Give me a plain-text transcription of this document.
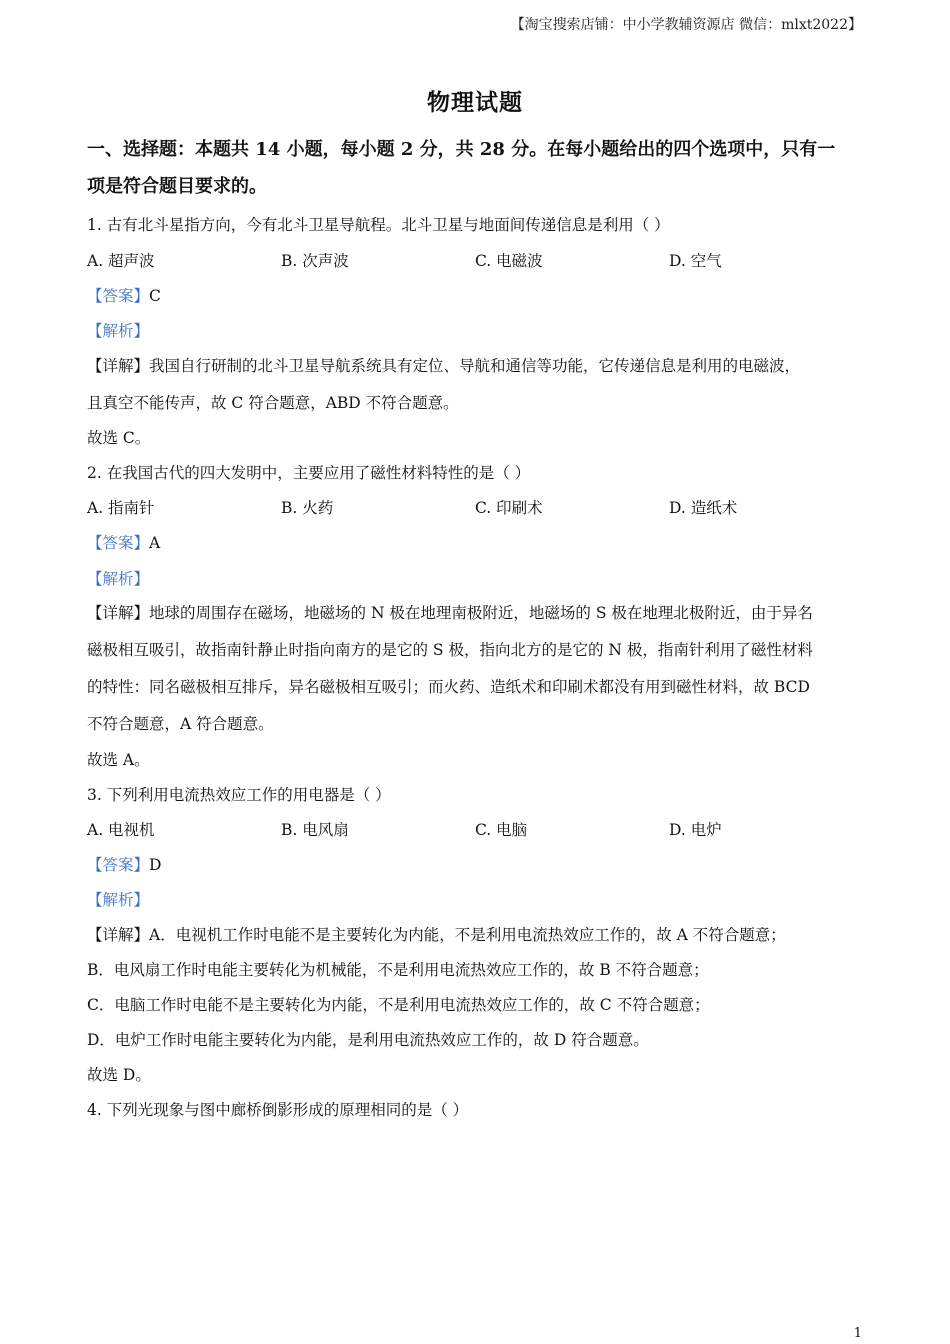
【淘宝搜索店铺：中小学教辅资源店 微信：mlxt2022】
物理试题
一、选择题：本题共 14 小题，每小题 2 分，共 28 分。在每小题给出的四个选项中，只有一
项是符合题目要求的。
1. 古有北斗星指方向，今有北斗卫星导航程。北斗卫星与地面间传递信息是利用（ ）
A. 超声波	B. 次声波	C. 电磁波	D. 空气
【答案】C
【解析】
【详解】我国自行研制的北斗卫星导航系统具有定位、导航和通信等功能，它传递信息是利用的电磁波，
且真空不能传声，故 C 符合题意，ABD 不符合题意。
故选 C。
2. 在我国古代的四大发明中，主要应用了磁性材料特性的是（ ）
A. 指南针	B. 火药	C. 印刷术	D. 造纸术
【答案】A
【解析】
【详解】地球的周围存在磁场，地磁场的 N 极在地理南极附近，地磁场的 S 极在地理北极附近，由于异名
磁极相互吸引，故指南针静止时指向南方的是它的 S 极，指向北方的是它的 N 极，指南针利用了磁性材料
的特性：同名磁极相互排斥，异名磁极相互吸引；而火药、造纸术和印刷术都没有用到磁性材料，故 BCD
不符合题意，A 符合题意。
故选 A。
3. 下列利用电流热效应工作的用电器是（ ）
A. 电视机	B. 电风扇	C. 电脑	D. 电炉
【答案】D
【解析】
【详解】A．电视机工作时电能不是主要转化为内能，不是利用电流热效应工作的，故 A 不符合题意；
B．电风扇工作时电能主要转化为机械能，不是利用电流热效应工作的，故 B 不符合题意；
C．电脑工作时电能不是主要转化为内能，不是利用电流热效应工作的，故 C 不符合题意；
D．电炉工作时电能主要转化为内能，是利用电流热效应工作的，故 D 符合题意。
故选 D。
4. 下列光现象与图中廊桥倒影形成的原理相同的是（ ）
1
